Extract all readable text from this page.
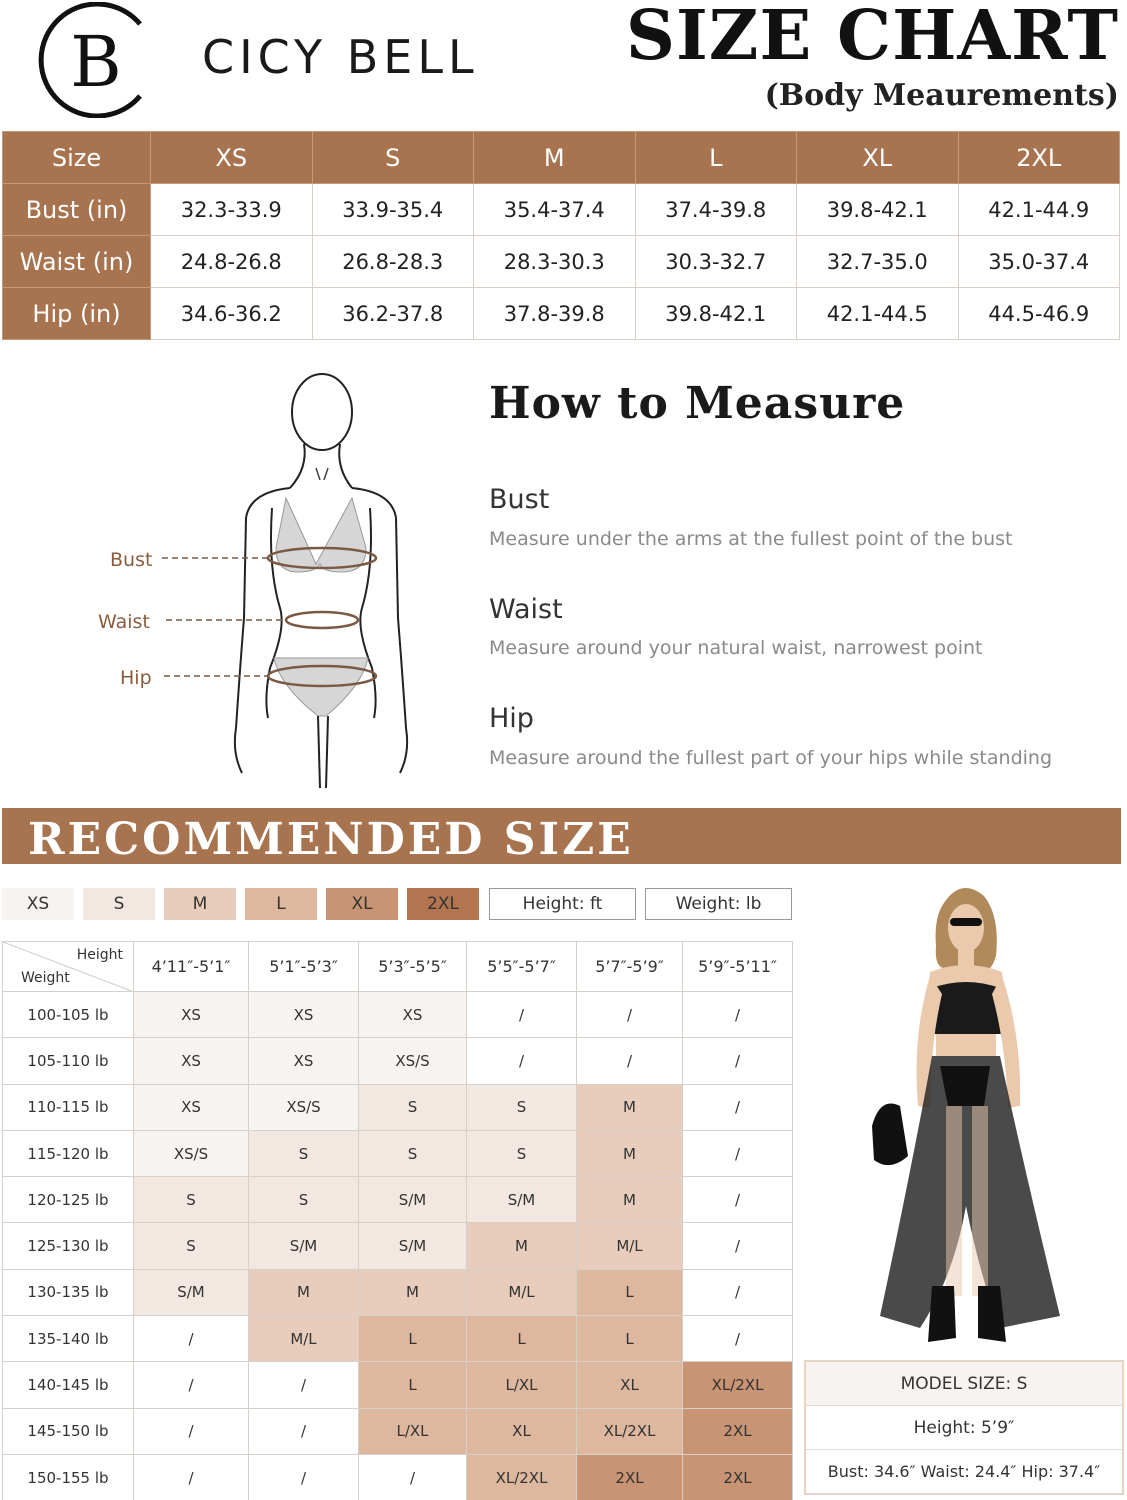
B CICY BELL SIZE CHART
(Body Meaurements)
Size	XS	S	M	L	XL	2XL
Bust (in)	32.3-33.9	33.9-35.4	35.4-37.4	37.4-39.8	39.8-42.1	42.1-44.9
Waist (in)	24.8-26.8	26.8-28.3	28.3-30.3	30.3-32.7	32.7-35.0	35.0-37.4
Hip (in)	34.6-36.2	36.2-37.8	37.8-39.8	39.8-42.1	42.1-44.5	44.5-46.9
Bust
Waist
Hip
How to Measure
Bust
Measure under the arms at the fullest point of the bust
Waist
Measure around your natural waist, narrowest point
Hip
Measure around the fullest part of your hips while standing
RECOMMENDED SIZE
XS	S	M	L	XL	2XL	Height: ft	Weight: lb
Height
Weight	4’11″-5’1″	5’1″-5’3″	5’3″-5’5″	5’5″-5’7″	5’7″-5’9″	5’9″-5’11″
100-105 lb	XS	XS	XS	/	/	/
105-110 lb	XS	XS	XS/S	/	/	/
110-115 lb	XS	XS/S	S	S	M	/
115-120 lb	XS/S	S	S	S	M	/
120-125 lb	S	S	S/M	S/M	M	/
125-130 lb	S	S/M	S/M	M	M/L	/
130-135 lb	S/M	M	M	M/L	L	/
135-140 lb	/	M/L	L	L	L	/
140-145 lb	/	/	L	L/XL	XL	XL/2XL
145-150 lb	/	/	L/XL	XL	XL/2XL	2XL
150-155 lb	/	/	/	XL/2XL	2XL	2XL
MODEL SIZE: S
Height: 5’9″
Bust: 34.6″ Waist: 24.4″ Hip: 37.4″
